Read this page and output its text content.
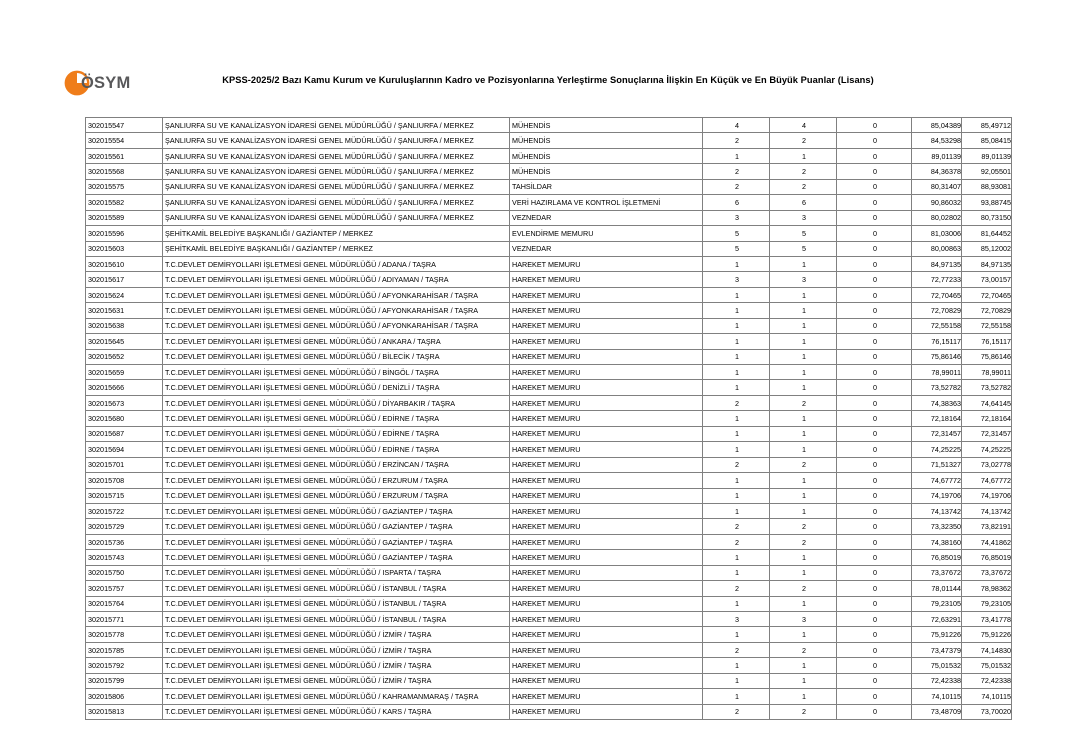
ÖSYM	KPSS-2025/2 Bazı Kamu Kurum ve Kuruluşlarının Kadro ve Pozisyonlarına Yerleştirme Sonuçlarına İlişkin En Küçük ve En Büyük Puanlar (Lisans)
302015547	ŞANLIURFA SU VE KANALİZASYON İDARESİ GENEL MÜDÜRLÜĞÜ / ŞANLIURFA / MERKEZ	MÜHENDİS	4	4	0	85,04389	85,49712
302015554	ŞANLIURFA SU VE KANALİZASYON İDARESİ GENEL MÜDÜRLÜĞÜ / ŞANLIURFA / MERKEZ	MÜHENDİS	2	2	0	84,53298	85,08415
302015561	ŞANLIURFA SU VE KANALİZASYON İDARESİ GENEL MÜDÜRLÜĞÜ / ŞANLIURFA / MERKEZ	MÜHENDİS	1	1	0	89,01139	89,01139
302015568	ŞANLIURFA SU VE KANALİZASYON İDARESİ GENEL MÜDÜRLÜĞÜ / ŞANLIURFA / MERKEZ	MÜHENDİS	2	2	0	84,36378	92,05501
302015575	ŞANLIURFA SU VE KANALİZASYON İDARESİ GENEL MÜDÜRLÜĞÜ / ŞANLIURFA / MERKEZ	TAHSİLDAR	2	2	0	80,31407	88,93081
302015582	ŞANLIURFA SU VE KANALİZASYON İDARESİ GENEL MÜDÜRLÜĞÜ / ŞANLIURFA / MERKEZ	VERİ HAZIRLAMA VE KONTROL İŞLETMENİ	6	6	0	90,86032	93,88745
302015589	ŞANLIURFA SU VE KANALİZASYON İDARESİ GENEL MÜDÜRLÜĞÜ / ŞANLIURFA / MERKEZ	VEZNEDAR	3	3	0	80,02802	80,73150
302015596	ŞEHİTKAMİL BELEDİYE BAŞKANLIĞI / GAZİANTEP / MERKEZ	EVLENDİRME MEMURU	5	5	0	81,03006	81,64452
302015603	ŞEHİTKAMİL BELEDİYE BAŞKANLIĞI / GAZİANTEP / MERKEZ	VEZNEDAR	5	5	0	80,00863	85,12002
302015610	T.C.DEVLET DEMİRYOLLARI İŞLETMESİ GENEL MÜDÜRLÜĞÜ / ADANA / TAŞRA	HAREKET MEMURU	1	1	0	84,97135	84,97135
302015617	T.C.DEVLET DEMİRYOLLARI İŞLETMESİ GENEL MÜDÜRLÜĞÜ / ADIYAMAN / TAŞRA	HAREKET MEMURU	3	3	0	72,77233	73,00157
302015624	T.C.DEVLET DEMİRYOLLARI İŞLETMESİ GENEL MÜDÜRLÜĞÜ / AFYONKARAHİSAR / TAŞRA	HAREKET MEMURU	1	1	0	72,70465	72,70465
302015631	T.C.DEVLET DEMİRYOLLARI İŞLETMESİ GENEL MÜDÜRLÜĞÜ / AFYONKARAHİSAR / TAŞRA	HAREKET MEMURU	1	1	0	72,70829	72,70829
302015638	T.C.DEVLET DEMİRYOLLARI İŞLETMESİ GENEL MÜDÜRLÜĞÜ / AFYONKARAHİSAR / TAŞRA	HAREKET MEMURU	1	1	0	72,55158	72,55158
302015645	T.C.DEVLET DEMİRYOLLARI İŞLETMESİ GENEL MÜDÜRLÜĞÜ / ANKARA / TAŞRA	HAREKET MEMURU	1	1	0	76,15117	76,15117
302015652	T.C.DEVLET DEMİRYOLLARI İŞLETMESİ GENEL MÜDÜRLÜĞÜ / BİLECİK / TAŞRA	HAREKET MEMURU	1	1	0	75,86146	75,86146
302015659	T.C.DEVLET DEMİRYOLLARI İŞLETMESİ GENEL MÜDÜRLÜĞÜ / BİNGÖL / TAŞRA	HAREKET MEMURU	1	1	0	78,99011	78,99011
302015666	T.C.DEVLET DEMİRYOLLARI İŞLETMESİ GENEL MÜDÜRLÜĞÜ / DENİZLİ / TAŞRA	HAREKET MEMURU	1	1	0	73,52782	73,52782
302015673	T.C.DEVLET DEMİRYOLLARI İŞLETMESİ GENEL MÜDÜRLÜĞÜ / DİYARBAKIR / TAŞRA	HAREKET MEMURU	2	2	0	74,38363	74,64145
302015680	T.C.DEVLET DEMİRYOLLARI İŞLETMESİ GENEL MÜDÜRLÜĞÜ / EDİRNE / TAŞRA	HAREKET MEMURU	1	1	0	72,18164	72,18164
302015687	T.C.DEVLET DEMİRYOLLARI İŞLETMESİ GENEL MÜDÜRLÜĞÜ / EDİRNE / TAŞRA	HAREKET MEMURU	1	1	0	72,31457	72,31457
302015694	T.C.DEVLET DEMİRYOLLARI İŞLETMESİ GENEL MÜDÜRLÜĞÜ / EDİRNE / TAŞRA	HAREKET MEMURU	1	1	0	74,25225	74,25225
302015701	T.C.DEVLET DEMİRYOLLARI İŞLETMESİ GENEL MÜDÜRLÜĞÜ / ERZİNCAN / TAŞRA	HAREKET MEMURU	2	2	0	71,51327	73,02778
302015708	T.C.DEVLET DEMİRYOLLARI İŞLETMESİ GENEL MÜDÜRLÜĞÜ / ERZURUM / TAŞRA	HAREKET MEMURU	1	1	0	74,67772	74,67772
302015715	T.C.DEVLET DEMİRYOLLARI İŞLETMESİ GENEL MÜDÜRLÜĞÜ / ERZURUM / TAŞRA	HAREKET MEMURU	1	1	0	74,19706	74,19706
302015722	T.C.DEVLET DEMİRYOLLARI İŞLETMESİ GENEL MÜDÜRLÜĞÜ / GAZİANTEP / TAŞRA	HAREKET MEMURU	1	1	0	74,13742	74,13742
302015729	T.C.DEVLET DEMİRYOLLARI İŞLETMESİ GENEL MÜDÜRLÜĞÜ / GAZİANTEP / TAŞRA	HAREKET MEMURU	2	2	0	73,32350	73,82191
302015736	T.C.DEVLET DEMİRYOLLARI İŞLETMESİ GENEL MÜDÜRLÜĞÜ / GAZİANTEP / TAŞRA	HAREKET MEMURU	2	2	0	74,38160	74,41862
302015743	T.C.DEVLET DEMİRYOLLARI İŞLETMESİ GENEL MÜDÜRLÜĞÜ / GAZİANTEP / TAŞRA	HAREKET MEMURU	1	1	0	76,85019	76,85019
302015750	T.C.DEVLET DEMİRYOLLARI İŞLETMESİ GENEL MÜDÜRLÜĞÜ / ISPARTA / TAŞRA	HAREKET MEMURU	1	1	0	73,37672	73,37672
302015757	T.C.DEVLET DEMİRYOLLARI İŞLETMESİ GENEL MÜDÜRLÜĞÜ / İSTANBUL / TAŞRA	HAREKET MEMURU	2	2	0	78,01144	78,98362
302015764	T.C.DEVLET DEMİRYOLLARI İŞLETMESİ GENEL MÜDÜRLÜĞÜ / İSTANBUL / TAŞRA	HAREKET MEMURU	1	1	0	79,23105	79,23105
302015771	T.C.DEVLET DEMİRYOLLARI İŞLETMESİ GENEL MÜDÜRLÜĞÜ / İSTANBUL / TAŞRA	HAREKET MEMURU	3	3	0	72,63291	73,41778
302015778	T.C.DEVLET DEMİRYOLLARI İŞLETMESİ GENEL MÜDÜRLÜĞÜ / İZMİR / TAŞRA	HAREKET MEMURU	1	1	0	75,91226	75,91226
302015785	T.C.DEVLET DEMİRYOLLARI İŞLETMESİ GENEL MÜDÜRLÜĞÜ / İZMİR / TAŞRA	HAREKET MEMURU	2	2	0	73,47379	74,14830
302015792	T.C.DEVLET DEMİRYOLLARI İŞLETMESİ GENEL MÜDÜRLÜĞÜ / İZMİR / TAŞRA	HAREKET MEMURU	1	1	0	75,01532	75,01532
302015799	T.C.DEVLET DEMİRYOLLARI İŞLETMESİ GENEL MÜDÜRLÜĞÜ / İZMİR / TAŞRA	HAREKET MEMURU	1	1	0	72,42338	72,42338
302015806	T.C.DEVLET DEMİRYOLLARI İŞLETMESİ GENEL MÜDÜRLÜĞÜ / KAHRAMANMARAŞ / TAŞRA	HAREKET MEMURU	1	1	0	74,10115	74,10115
302015813	T.C.DEVLET DEMİRYOLLARI İŞLETMESİ GENEL MÜDÜRLÜĞÜ / KARS / TAŞRA	HAREKET MEMURU	2	2	0	73,48709	73,70020
